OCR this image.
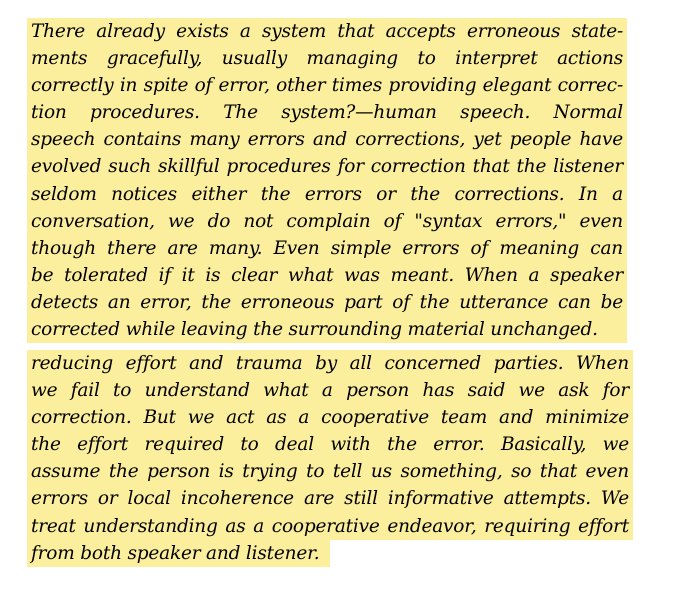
There already exists a system that accepts erroneous state-
ments gracefully, usually managing to interpret actions
correctly in spite of error, other times providing elegant correc-
tion procedures. The system?—human speech. Normal
speech contains many errors and corrections, yet people have
evolved such skillful procedures for correction that the listener
seldom notices either the errors or the corrections. In a
conversation, we do not complain of "syntax errors," even
though there are many. Even simple errors of meaning can
be tolerated if it is clear what was meant. When a speaker
detects an error, the erroneous part of the utterance can be
corrected while leaving the surrounding material unchanged.
reducing effort and trauma by all concerned parties. When
we fail to understand what a person has said we ask for
correction. But we act as a cooperative team and minimize
the effort required to deal with the error. Basically, we
assume the person is trying to tell us something, so that even
errors or local incoherence are still informative attempts. We
treat understanding as a cooperative endeavor, requiring effort
from both speaker and listener.
